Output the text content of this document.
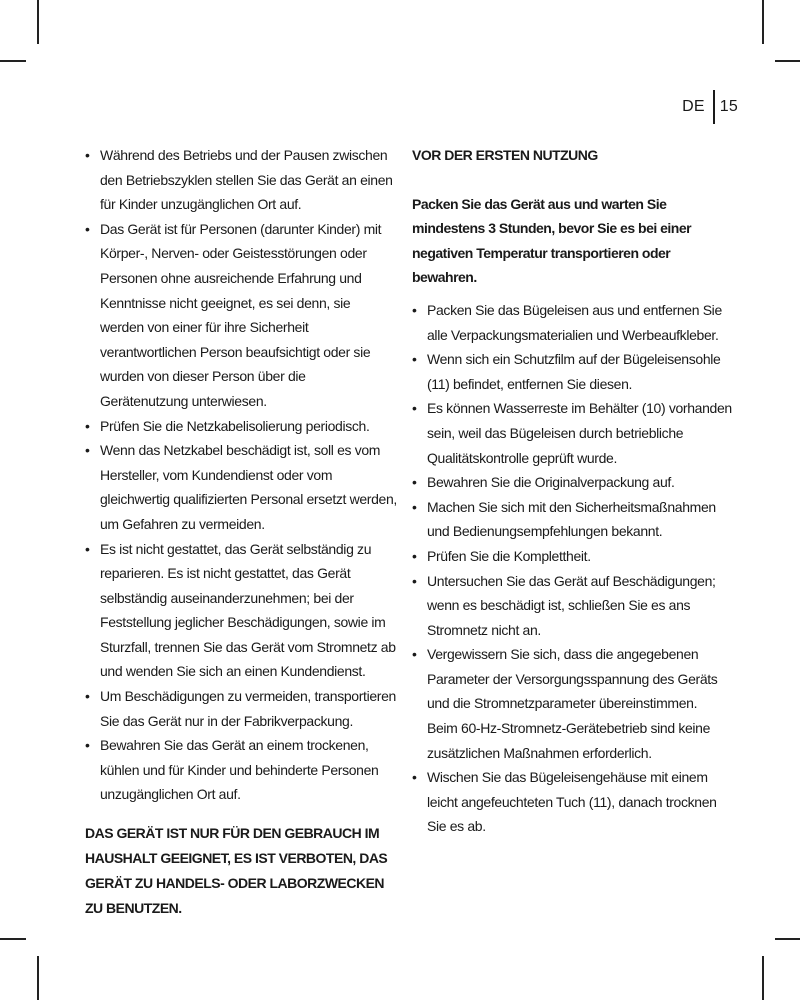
DE 15
• Während des Betriebs und der Pausen zwischen den Betriebszyklen stellen Sie das Gerät an einen für Kinder unzugänglichen Ort auf.
• Das Gerät ist für Personen (darunter Kinder) mit Körper-, Nerven- oder Geistesstörungen oder Personen ohne ausreichende Erfahrung und Kenntnisse nicht geeignet, es sei denn, sie werden von einer für ihre Sicherheit verantwortlichen Person beaufsichtigt oder sie wurden von dieser Person über die Gerätenutzung unterwiesen.
• Prüfen Sie die Netzkabelisolierung periodisch.
• Wenn das Netzkabel beschädigt ist, soll es vom Hersteller, vom Kundendienst oder vom gleichwertig qualifizierten Personal ersetzt werden, um Gefahren zu vermeiden.
• Es ist nicht gestattet, das Gerät selbständig zu reparieren. Es ist nicht gestattet, das Gerät selbständig auseinanderzunehmen; bei der Feststellung jeglicher Beschädigungen, sowie im Sturzfall, trennen Sie das Gerät vom Stromnetz ab und wenden Sie sich an einen Kundendienst.
• Um Beschädigungen zu vermeiden, transportieren Sie das Gerät nur in der Fabrikverpackung.
• Bewahren Sie das Gerät an einem trockenen, kühlen und für Kinder und behinderte Personen unzugänglichen Ort auf.
DAS GERÄT IST NUR FÜR DEN GEBRAUCH IM HAUSHALT GEEIGNET, ES IST VERBOTEN, DAS GERÄT ZU HANDELS- ODER LABORZWECKEN ZU BENUTZEN.
VOR DER ERSTEN NUTZUNG
Packen Sie das Gerät aus und warten Sie mindestens 3 Stunden, bevor Sie es bei einer negativen Temperatur transportieren oder bewahren.
• Packen Sie das Bügeleisen aus und entfernen Sie alle Verpackungsmaterialien und Werbeaufkleber.
• Wenn sich ein Schutzfilm auf der Bügeleisensohle (11) befindet, entfernen Sie diesen.
• Es können Wasserreste im Behälter (10) vorhanden sein, weil das Bügeleisen durch betriebliche Qualitätskontrolle geprüft wurde.
• Bewahren Sie die Originalverpackung auf.
• Machen Sie sich mit den Sicherheitsmaßnahmen und Bedienungsempfehlungen bekannt.
• Prüfen Sie die Komplettheit.
• Untersuchen Sie das Gerät auf Beschädigungen; wenn es beschädigt ist, schließen Sie es ans Stromnetz nicht an.
• Vergewissern Sie sich, dass die angegebenen Parameter der Versorgungsspannung des Geräts und die Stromnetzparameter übereinstimmen.
Beim 60-Hz-Stromnetz-Gerätebetrieb sind keine zusätzlichen Maßnahmen erforderlich.
• Wischen Sie das Bügeleisengehäuse mit einem leicht angefeuchteten Tuch (11), danach trocknen Sie es ab.
